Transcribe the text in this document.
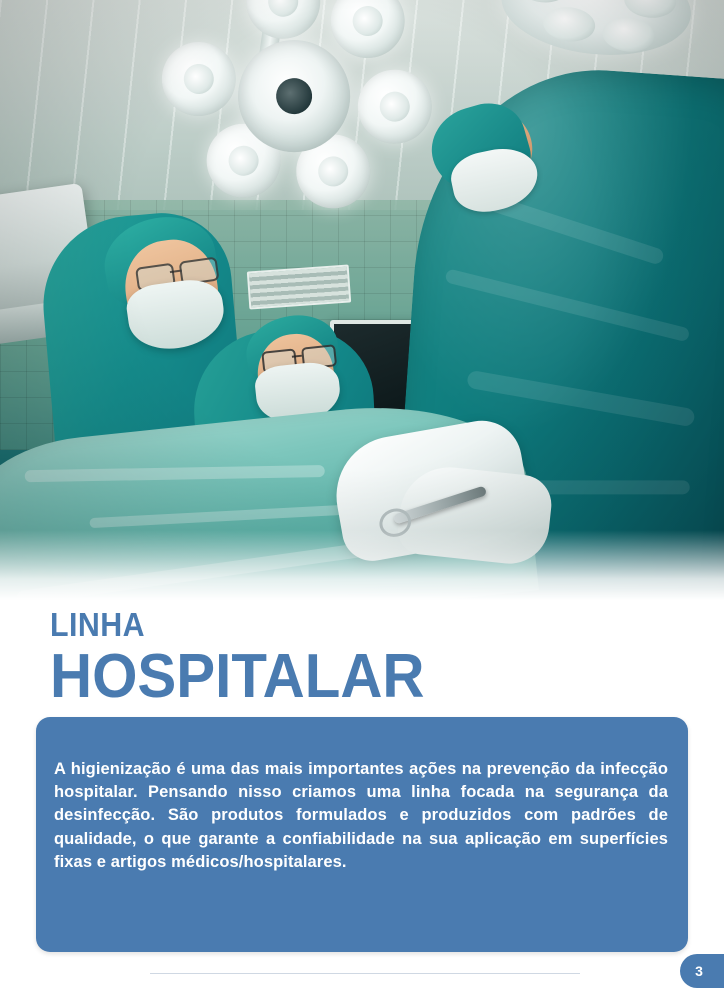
LINHA
HOSPITALAR

A higienização é uma das mais importantes ações na prevenção da infecção hospitalar. Pensando nisso criamos uma linha focada na segurança da desinfecção. São produtos formulados e produzidos com padrões de qualidade, o que garante a confiabilidade na sua aplicação em superfícies fixas e artigos médicos/hospitalares.

3
